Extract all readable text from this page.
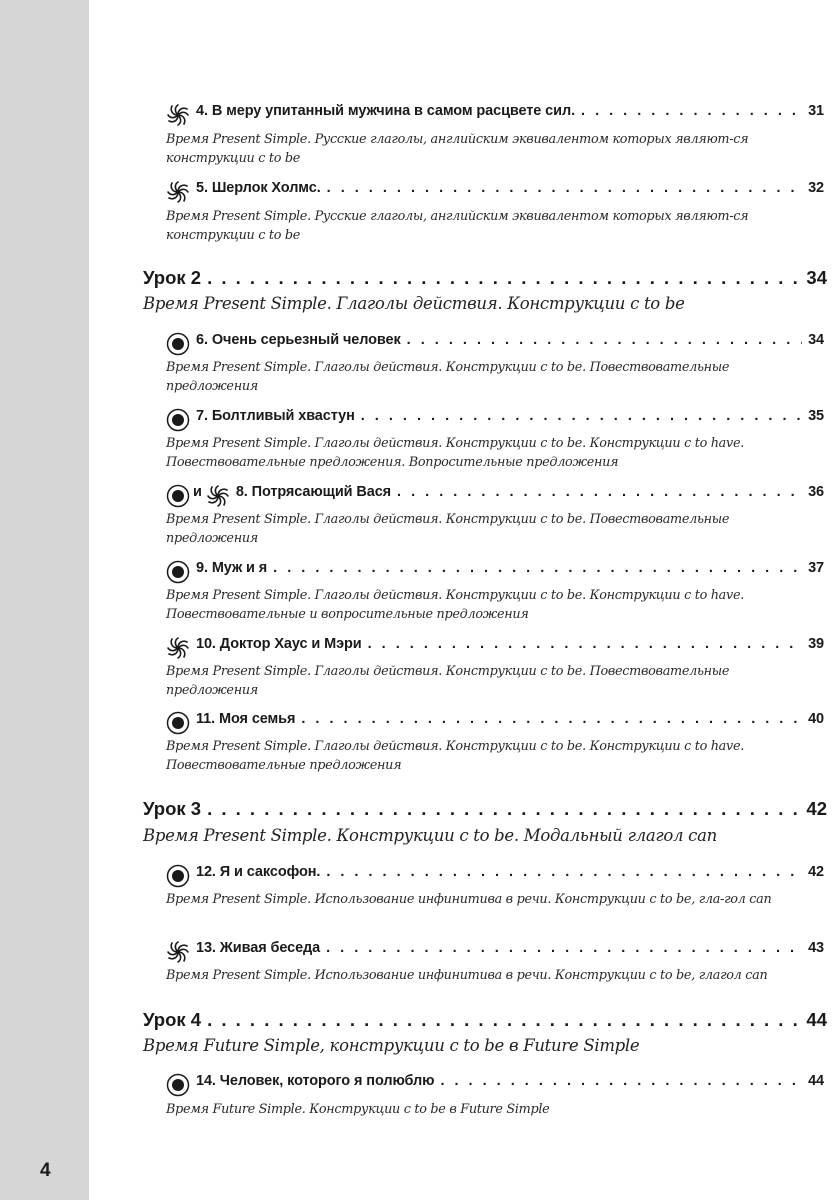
4. В меру упитанный мужчина в самом расцвете сил. . . .	31
Время Present Simple. Русские глаголы, английским эквивалентом которых являют-ся конструкции с to be
5. Шерлок Холмс. . . .	32
Время Present Simple. Русские глаголы, английским эквивалентом которых являют-ся конструкции с to be
Урок 2 . . .	34
Время Present Simple. Глаголы действия. Конструкции с to be
6. Очень серьезный человек . . .	34
Время Present Simple. Глаголы действия. Конструкции с to be. Повествовательные предложения
7. Болтливый хвастун . . .	35
Время Present Simple. Глаголы действия. Конструкции с to be. Конструкции с to have. Повествовательные предложения. Вопросительные предложения
и 8. Потрясающий Вася . . .	36
Время Present Simple. Глаголы действия. Конструкции с to be. Повествовательные предложения
9. Муж и я . . .	37
Время Present Simple. Глаголы действия. Конструкции с to be. Конструкции с to have. Повествовательные и вопросительные предложения
10. Доктор Хаус и Мэри . . .	39
Время Present Simple. Глаголы действия. Конструкции с to be. Повествовательные предложения
11. Моя семья . . .	40
Время Present Simple. Глаголы действия. Конструкции с to be. Конструкции с to have. Повествовательные предложения
Урок 3 . . .	42
Время Present Simple. Конструкции с to be. Модальный глагол can
12. Я и саксофон. . . .	42
Время Present Simple. Использование инфинитива в речи. Конструкции с to be, гла-гол can
13. Живая беседа . . .	43
Время Present Simple. Использование инфинитива в речи. Конструкции с to be, глагол can
Урок 4 . . .	44
Время Future Simple, конструкции с to be в Future Simple
14. Человек, которого я полюблю . . .	44
Время Future Simple. Конструкции с to be в Future Simple
4
